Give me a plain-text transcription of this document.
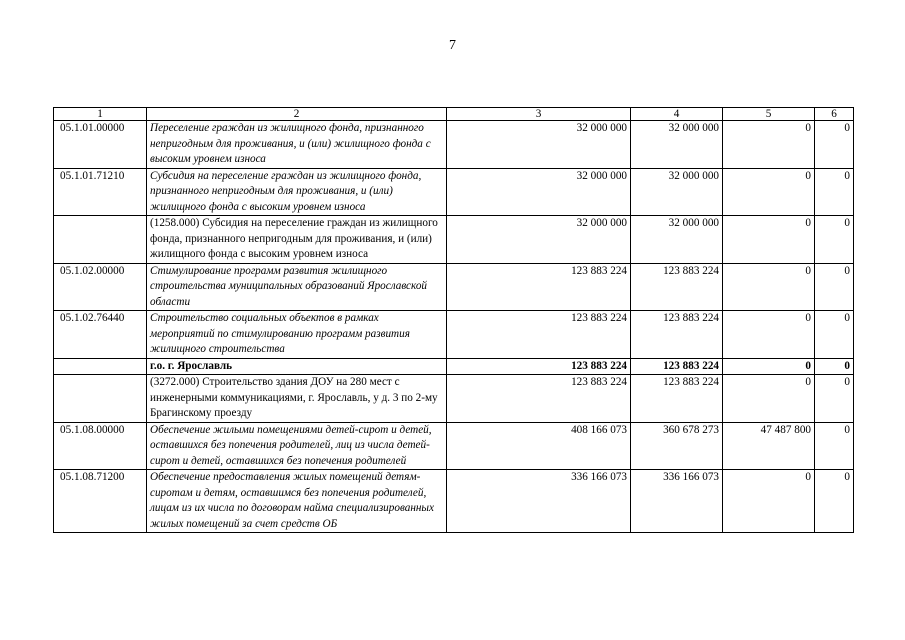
7
1	2	3	4	5	6
05.1.01.00000	Переселение граждан из жилищного фонда, признанного непригодным для проживания, и (или) жилищного фонда с высоким уровнем износа	32 000 000	32 000 000	0	0
05.1.01.71210	Субсидия на переселение граждан из жилищного фонда, признанного непригодным для проживания, и (или) жилищного фонда с высоким уровнем износа	32 000 000	32 000 000	0	0
	(1258.000) Субсидия на переселение граждан из жилищного фонда, признанного непригодным для проживания, и (или) жилищного фонда с высоким уровнем износа	32 000 000	32 000 000	0	0
05.1.02.00000	Стимулирование программ развития жилищного строительства муниципальных образований Ярославской области	123 883 224	123 883 224	0	0
05.1.02.76440	Строительство социальных объектов в рамках мероприятий по стимулированию программ развития жилищного строительства	123 883 224	123 883 224	0	0
	г.о. г. Ярославль	123 883 224	123 883 224	0	0
	(3272.000) Строительство здания ДОУ на 280 мест с инженерными коммуникациями, г. Ярославль, у д. 3 по 2-му Брагинскому проезду	123 883 224	123 883 224	0	0
05.1.08.00000	Обеспечение жилыми помещениями детей-сирот и детей, оставшихся без попечения родителей, лиц из числа детей-сирот и детей, оставшихся без попечения родителей	408 166 073	360 678 273	47 487 800	0
05.1.08.71200	Обеспечение предоставления жилых помещений детям-сиротам и детям, оставшимся без попечения родителей, лицам из их числа по договорам найма специализированных жилых помещений за счет средств ОБ	336 166 073	336 166 073	0	0
